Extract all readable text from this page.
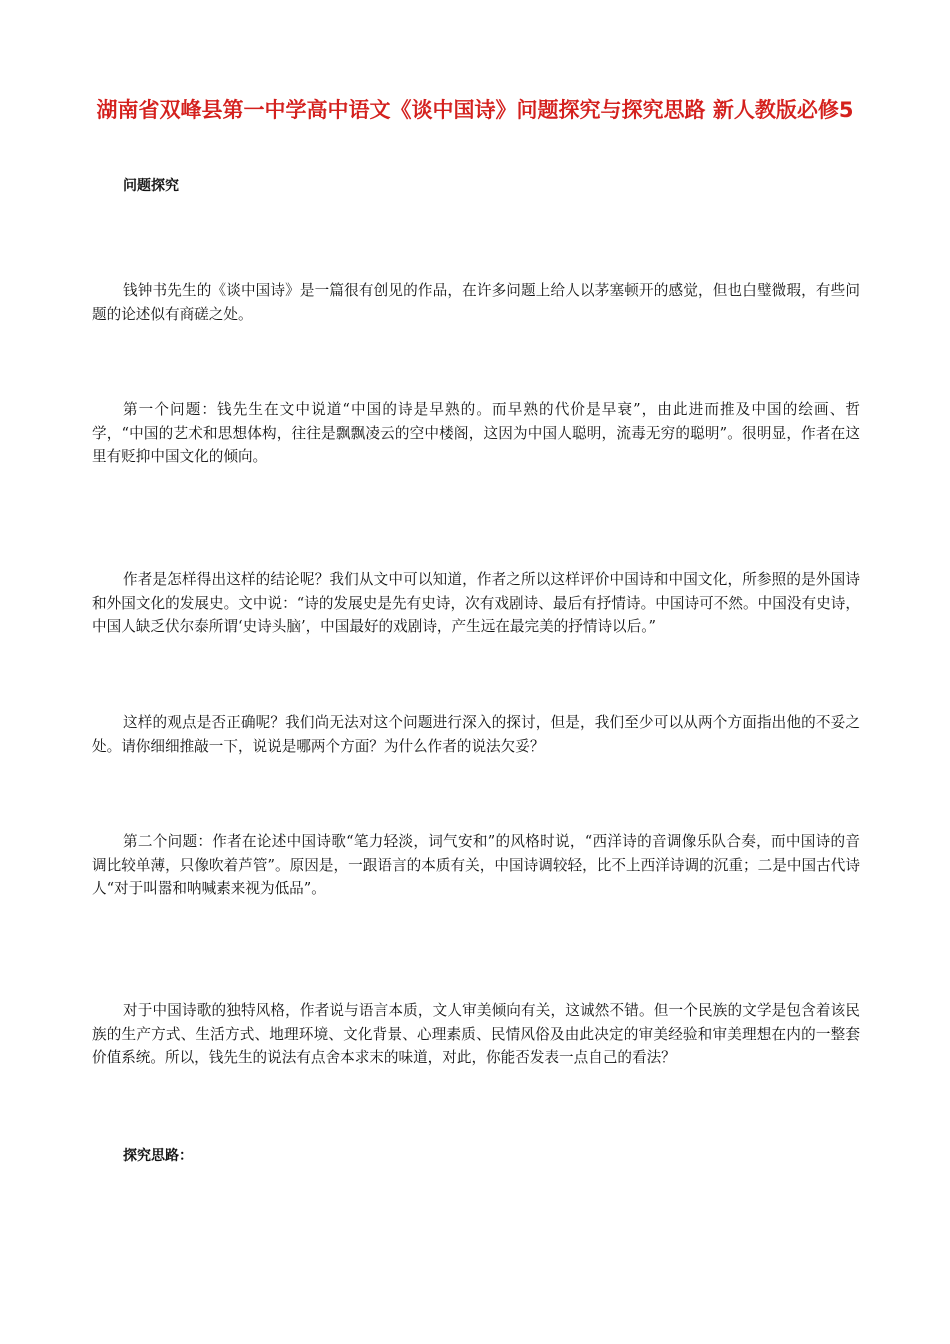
湖南省双峰县第一中学高中语文《谈中国诗》问题探究与探究思路 新人教版必修5
问题探究

钱钟书先生的《谈中国诗》是一篇很有创见的作品，在许多问题上给人以茅塞顿开的感觉，但也白璧微瑕，有些问题的论述似有商磋之处。

第一个问题：钱先生在文中说道“中国的诗是早熟的。而早熟的代价是早衰”，由此进而推及中国的绘画、哲学，“中国的艺术和思想体构，往往是飘飘凌云的空中楼阁，这因为中国人聪明，流毒无穷的聪明”。很明显，作者在这里有贬抑中国文化的倾向。

作者是怎样得出这样的结论呢？我们从文中可以知道，作者之所以这样评价中国诗和中国文化，所参照的是外国诗和外国文化的发展史。文中说：“诗的发展史是先有史诗，次有戏剧诗、最后有抒情诗。中国诗可不然。中国没有史诗，中国人缺乏伏尔泰所谓‘史诗头脑’，中国最好的戏剧诗，产生远在最完美的抒情诗以后。”

这样的观点是否正确呢？我们尚无法对这个问题进行深入的探讨，但是，我们至少可以从两个方面指出他的不妥之处。请你细细推敲一下，说说是哪两个方面？为什么作者的说法欠妥？

第二个问题：作者在论述中国诗歌“笔力轻淡，词气安和”的风格时说，“西洋诗的音调像乐队合奏，而中国诗的音调比较单薄，只像吹着芦管”。原因是，一跟语言的本质有关，中国诗调较轻，比不上西洋诗调的沉重；二是中国古代诗人“对于叫嚣和呐喊素来视为低品”。

对于中国诗歌的独特风格，作者说与语言本质，文人审美倾向有关，这诚然不错。但一个民族的文学是包含着该民族的生产方式、生活方式、地理环境、文化背景、心理素质、民情风俗及由此决定的审美经验和审美理想在内的一整套价值系统。所以，钱先生的说法有点舍本求末的味道，对此，你能否发表一点自己的看法？

探究思路：
